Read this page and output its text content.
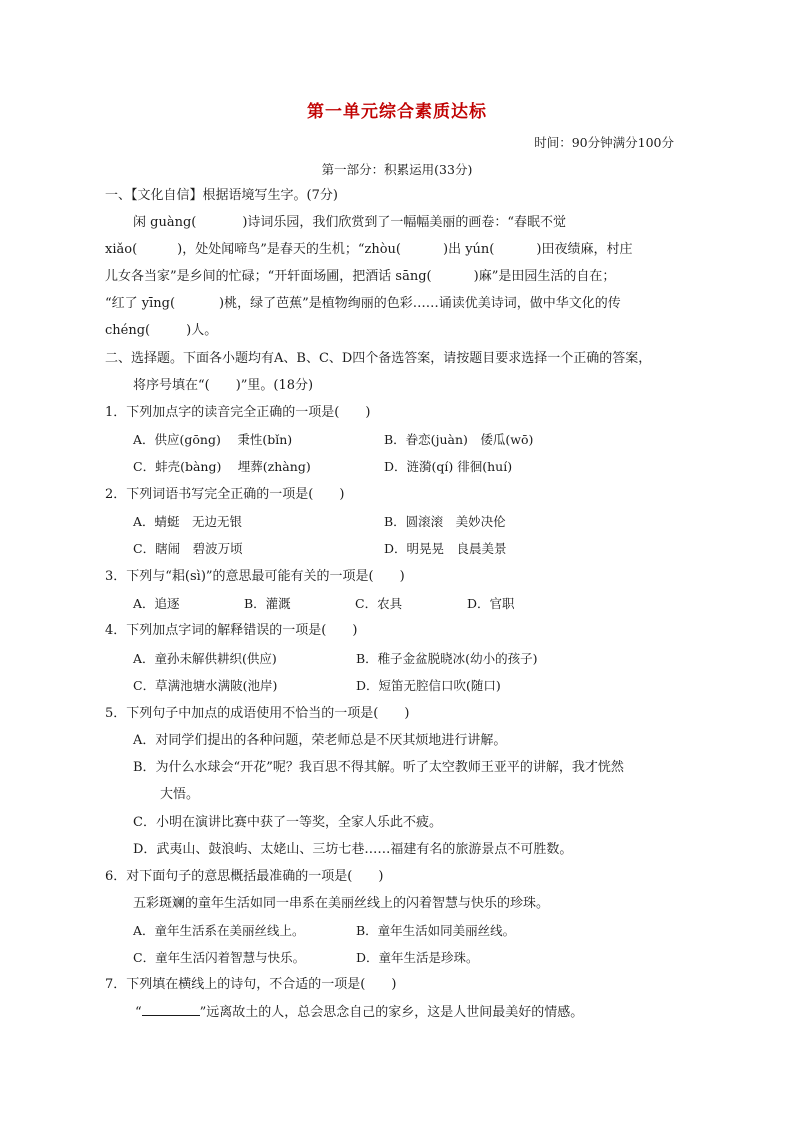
第一单元综合素质达标
时间：90分钟满分100分
第一部分：积累运用(33分)
一、【文化自信】根据语境写生字。(7分)
闲 guàng(	)诗词乐园，我们欣赏到了一幅幅美丽的画卷：“春眠不觉
xiǎo(	)，处处闻啼鸟”是春天的生机；“zhòu(	)出 yún(	)田夜绩麻，村庄
儿女各当家”是乡间的忙碌；“开轩面场圃，把酒话 sāng(	)麻”是田园生活的自在；
“红了 yīng(	)桃，绿了芭蕉”是植物绚丽的色彩……诵读优美诗词，做中华文化的传
chéng(	)人。
二、选择题。下面各小题均有A、B、C、D四个备选答案，请按题目要求选择一个正确的答案，
将序号填在“(　　)”里。(18分)
1．下列加点字的读音完全正确的一项是(　　)
A．供应(gōng)　 秉性(bǐn)	B．眷恋(juàn)　倭瓜(wō)
C．蚌壳(bàng)　 埋葬(zhàng)	D．涟漪(qí) 徘徊(huí)
2．下列词语书写完全正确的一项是(　　)
A．蜻蜓　无边无银	B．圆滚滚　美妙决伦
C．瞎闹　碧波万顷	D．明晃晃　良晨美景
3．下列与“耜(sì)”的意思最可能有关的一项是(　　)
A．追逐	B．灌溉	C．农具	D．官职
4．下列加点字词的解释错误的一项是(　　)
A．童孙未解供耕织(供应)	B．稚子金盆脱晓冰(幼小的孩子)
C．草满池塘水满陂(池岸)	D．短笛无腔信口吹(随口)
5．下列句子中加点的成语使用不恰当的一项是(　　)
A．对同学们提出的各种问题，荣老师总是不厌其烦地进行讲解。
B．为什么水球会“开花”呢？我百思不得其解。听了太空教师王亚平的讲解，我才恍然
大悟。
C．小明在演讲比赛中获了一等奖，全家人乐此不疲。
D．武夷山、鼓浪屿、太姥山、三坊七巷……福建有名的旅游景点不可胜数。
6．对下面句子的意思概括最准确的一项是(　　)
五彩斑斓的童年生活如同一串系在美丽丝线上的闪着智慧与快乐的珍珠。
A．童年生活系在美丽丝线上。	B．童年生活如同美丽丝线。
C．童年生活闪着智慧与快乐。	D．童年生活是珍珠。
7．下列填在横线上的诗句，不合适的一项是(　　)
“	”远离故土的人，总会思念自己的家乡，这是人世间最美好的情感。
